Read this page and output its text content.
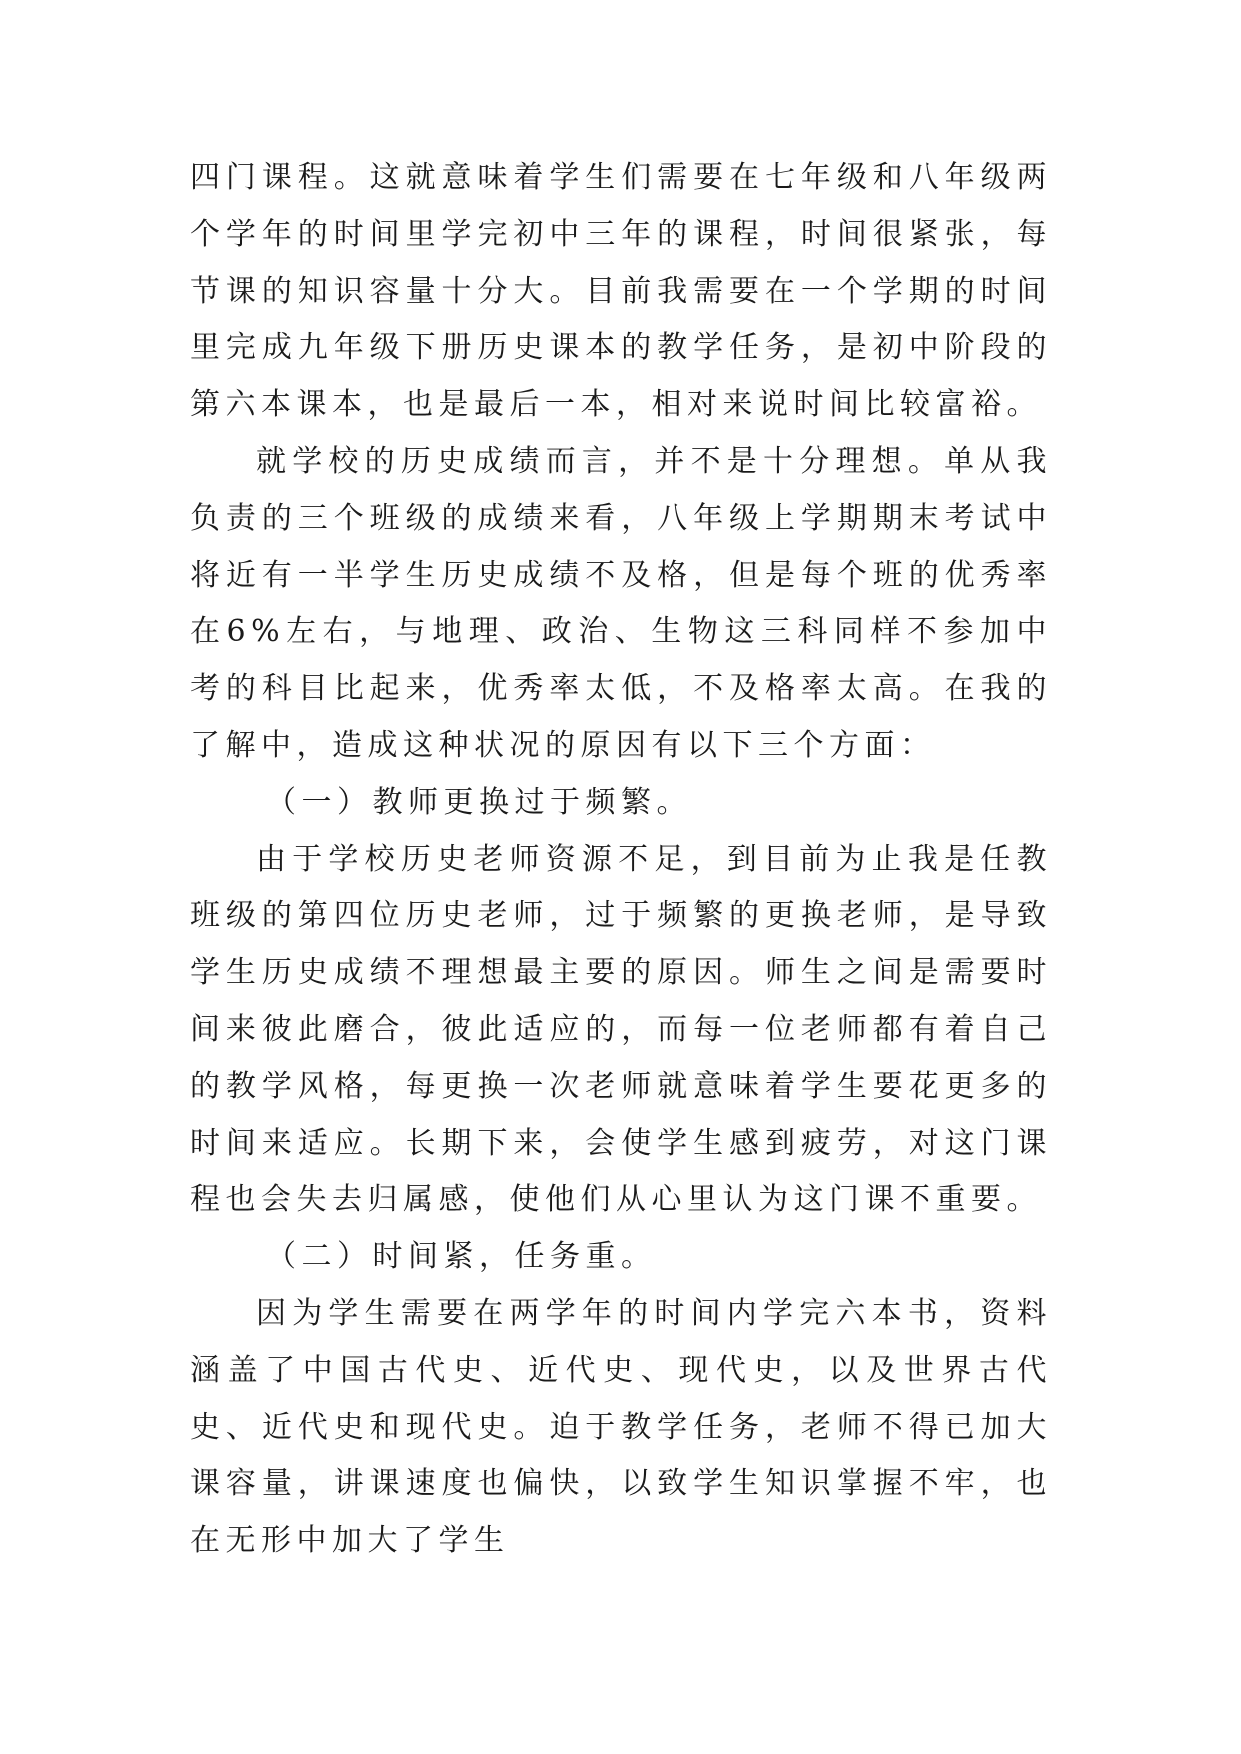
四门课程。这就意味着学生们需要在七年级和八年级两个学年的时间里学完初中三年的课程，时间很紧张，每节课的知识容量十分大。目前我需要在一个学期的时间里完成九年级下册历史课本的教学任务，是初中阶段的第六本课本，也是最后一本，相对来说时间比较富裕。

就学校的历史成绩而言，并不是十分理想。单从我负责的三个班级的成绩来看，八年级上学期期末考试中将近有一半学生历史成绩不及格，但是每个班的优秀率在6%左右，与地理、政治、生物这三科同样不参加中考的科目比起来，优秀率太低，不及格率太高。在我的了解中，造成这种状况的原因有以下三个方面：

（一）教师更换过于频繁。

由于学校历史老师资源不足，到目前为止我是任教班级的第四位历史老师，过于频繁的更换老师，是导致学生历史成绩不理想最主要的原因。师生之间是需要时间来彼此磨合，彼此适应的，而每一位老师都有着自己的教学风格，每更换一次老师就意味着学生要花更多的时间来适应。长期下来，会使学生感到疲劳，对这门课程也会失去归属感，使他们从心里认为这门课不重要。

（二）时间紧，任务重。

因为学生需要在两学年的时间内学完六本书，资料涵盖了中国古代史、近代史、现代史，以及世界古代史、近代史和现代史。迫于教学任务，老师不得已加大课容量，讲课速度也偏快，以致学生知识掌握不牢，也在无形中加大了学生
